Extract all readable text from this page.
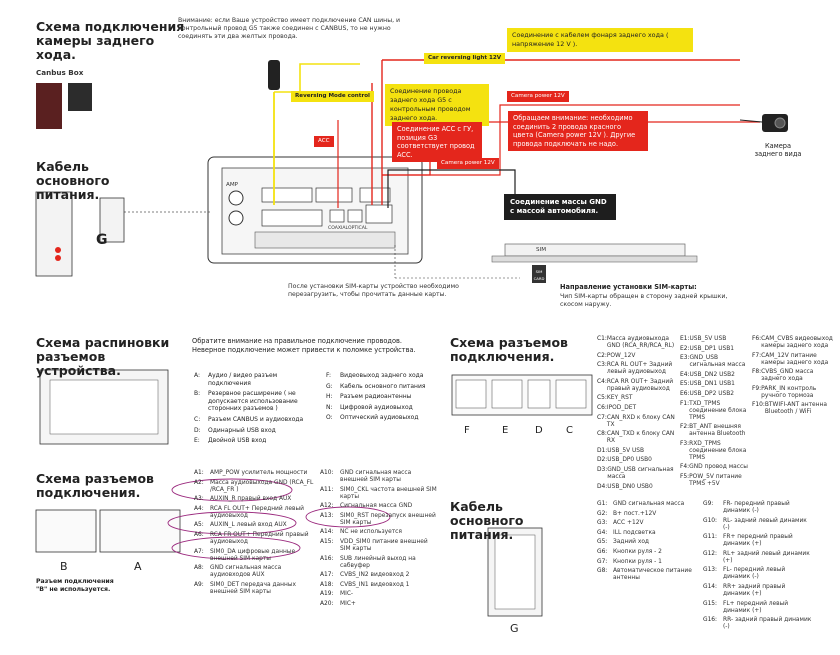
Схема подключения камеры заднего хода.
Canbus Box
Кабель основного питания.
G
Внимание: если Ваше устройство имеет подключение CAN шины, и контрольный провод G5 также соединен с CANBUS, то не нужно соединять эти два желтых провода.
Car reversing light 12V
Соединение с кабелем фонаря заднего хода ( напряжение 12 V ).
Reversing Mode control
Соединение провода заднего хода G5 с контрольным проводом заднего хода.
Camera power 12V
Обращаем внимание: необходимо соединить 2 провода красного цвета (Camera power 12V ). Другие провода подключать не надо.
Соединение ACC с ГУ, позиция G3 соответствует провод ACC.
ACC
Camera power 12V
Соединение массы GND с массой автомобиля.
Камера заднего вида
AMP
COAXIAL OPTICAL
SIM
SIM CARD
После установки SIM-карты устройство необходимо перезагрузить, чтобы прочитать данные карты.
Направление установки SIM-карты:
Чип SIM-карты обращен в сторону задней крышки, скосом наружу.
Схема распиновки разъемов устройства.
Обратите внимание на правильное подключение проводов. Неверное подключение может привести к поломке устройства.
A:	Аудио / видео разъем подключения
B:	Резервное расширение ( не допускается использование сторонних разъемов )
C:	Разъем CANBUS и аудиовхода
D:	Одинарный USB вход
E:	Двойной USB вход
F:	Видеовыход заднего хода
G:	Кабель основного питания
H:	Разъем радиоантенны
N:	Цифровой аудиовыход
O:	Оптический аудиовыход
Схема разъемов подключения.
F	E	D C
C1: Масса аудиовыхода GND (RCA_RR/RCA_RL)
C2: POW_12V
C3: RCA RL OUT+ Задний левый аудиовыход
C4: RCA RR OUT+ Задний правый аудиовыход
C5: KEY_RST
C6: IPOD_DET
C7: CAN_RXD к блоку CAN TX
C8: CAN_TXD к блоку CAN RX
D1: USB_5V USB
D2: USB_DP0 USB0
D3: GND_USB сигнальная масса
D4: USB_DN0 USB0
E1: USB_5V USB
E2: USB_DP1 USB1
E3: GND_USB сигнальная масса
E4: USB_DN2 USB2
E5: USB_DN1 USB1
E6: USB_DP2 USB2
F1: TXD_TPMS соединение блока TPMS
F2: BT_ANT внешняя антенна Bluetooth
F3: RXD_TPMS соединение блока TPMS
F4: GND провод массы
F5: POW_5V питание TPMS +5V
F6: CAM_CVBS видеовыход камеры заднего хода
F7: CAM_12V питание камеры заднего хода
F8: CVBS_GND масса заднего хода
F9: PARK_IN контроль ручного тормоза
F10: BTWIFI-ANT антенна Bluetooth / WiFi
Схема разъемов подключения.
B	A
Разъем подключения "В" не используется.
A1:	AMP_POW усилитель мощности
A2:	Масса аудиовыхода GND (RCA_FL /RCA_FR )
A3:	AUXIN_R правый вход AUX
A4:	RCA FL OUT+ Передний левый аудиовыход
A5:	AUXIN_L левый вход AUX
A6:	RCA FR OUT+ Передний правый аудиовыход
A7:	SIM0_DA цифровые данные внешней SIM карты
A8:	GND сигнальная масса аудиовходов AUX
A9:	SIM0_DET передача данных внешней SIM карты
A10:	GND сигнальная масса внешней SIM карты
A11:	SIM0_CKL частота внешней SIM карты
A12:	Сигнальная масса GND
A13:	SIM0_RST перезапуск внешней SIM карты
A14:	NC не используется
A15:	VDD_SIM0 питание внешней SIM карты
A16:	SUB линейный выход на сабвуфер
A17:	CVBS_IN2 видеовход 2
A18:	CVBS_IN1 видеовход 1
A19:	MIC-
A20:	MIC+
Кабель основного питания.
G
G1: GND сигнальная масса
G2: B+ пост.+12V
G3: ACC +12V
G4: ILL подсветка
G5: Задний ход
G6: Кнопки руля - 2
G7: Кнопки руля - 1
G8: Автоматическое питание антенны
G9:	FR- передний правый динамик (-)
G10:	RL- задний левый динамик (-)
G11:	FR+ передний правый динамик (+)
G12:	RL+ задний левый динамик (+)
G13:	FL- передний левый динамик (-)
G14:	RR+ задний правый динамик (+)
G15:	FL+ передний левый динамик (+)
G16:	RR- задний правый динамик (-)
